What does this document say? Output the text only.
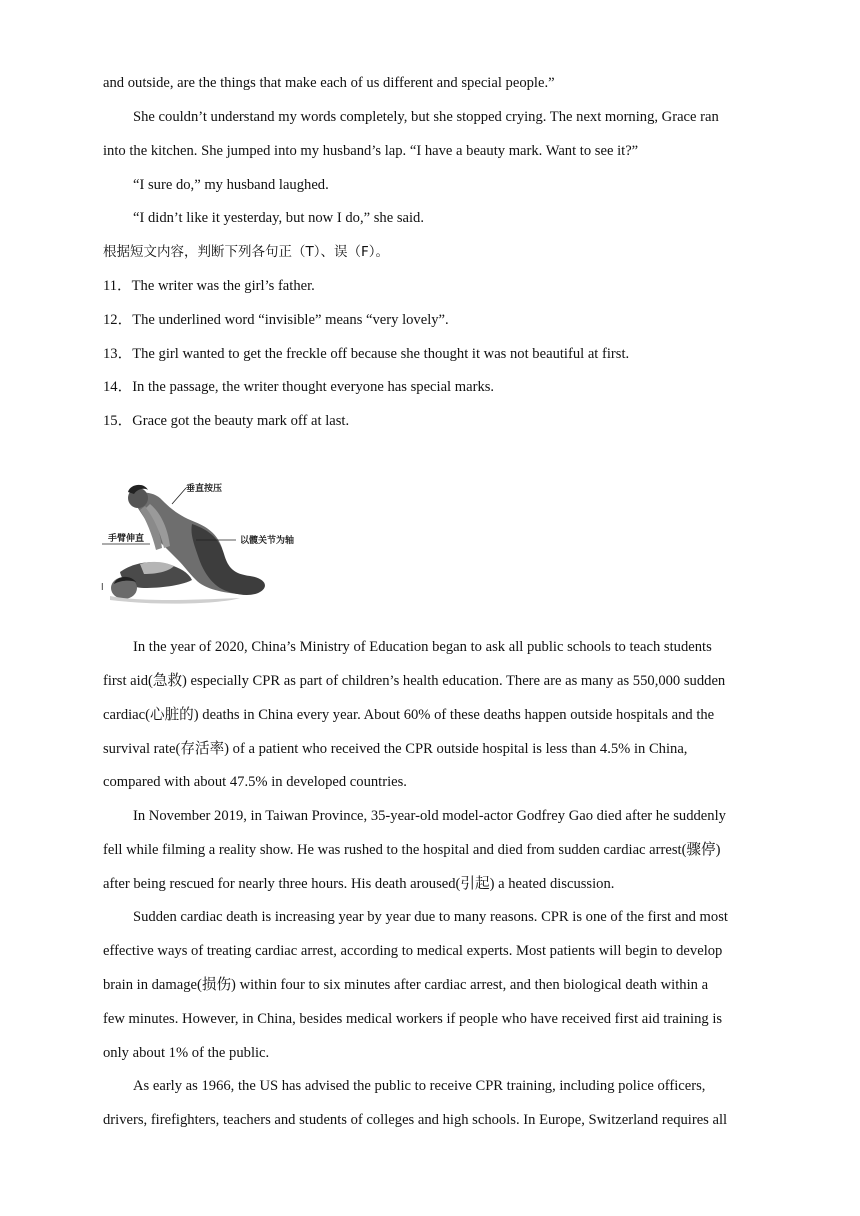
and outside, are the things that make each of us different and special people.”
She couldn’t understand my words completely, but she stopped crying. The next morning, Grace ran
into the kitchen. She jumped into my husband’s lap. “I have a beauty mark. Want to see it?”
“I sure do,” my husband laughed.
“I didn’t like it yesterday, but now I do,” she said.
根据短文内容，判断下列各句正（T）、误（F）。
11．The writer was the girl’s father.
12．The underlined word “invisible” means “very lovely”.
13．The girl wanted to get the freckle off because she thought it was not beautiful at first.
14．In the passage, the writer thought everyone has special marks.
15．Grace got the beauty mark off at last.
垂直按压
手臂伸直	以髋关节为轴
l
In the year of 2020, China’s Ministry of Education began to ask all public schools to teach students
first aid(急救) especially CPR as part of children’s health education. There are as many as 550,000 sudden
cardiac(心脏的) deaths in China every year. About 60% of these deaths happen outside hospitals and the
survival rate(存活率) of a patient who received the CPR outside hospital is less than 4.5% in China,
compared with about 47.5% in developed countries.
In November 2019, in Taiwan Province, 35-year-old model-actor Godfrey Gao died after he suddenly
fell while filming a reality show. He was rushed to the hospital and died from sudden cardiac arrest(骤停)
after being rescued for nearly three hours. His death aroused(引起) a heated discussion.
Sudden cardiac death is increasing year by year due to many reasons. CPR is one of the first and most
effective ways of treating cardiac arrest, according to medical experts. Most patients will begin to develop
brain in damage(损伤) within four to six minutes after cardiac arrest, and then biological death within a
few minutes. However, in China, besides medical workers if people who have received first aid training is
only about 1% of the public.
As early as 1966, the US has advised the public to receive CPR training, including police officers,
drivers, firefighters, teachers and students of colleges and high schools. In Europe, Switzerland requires all
